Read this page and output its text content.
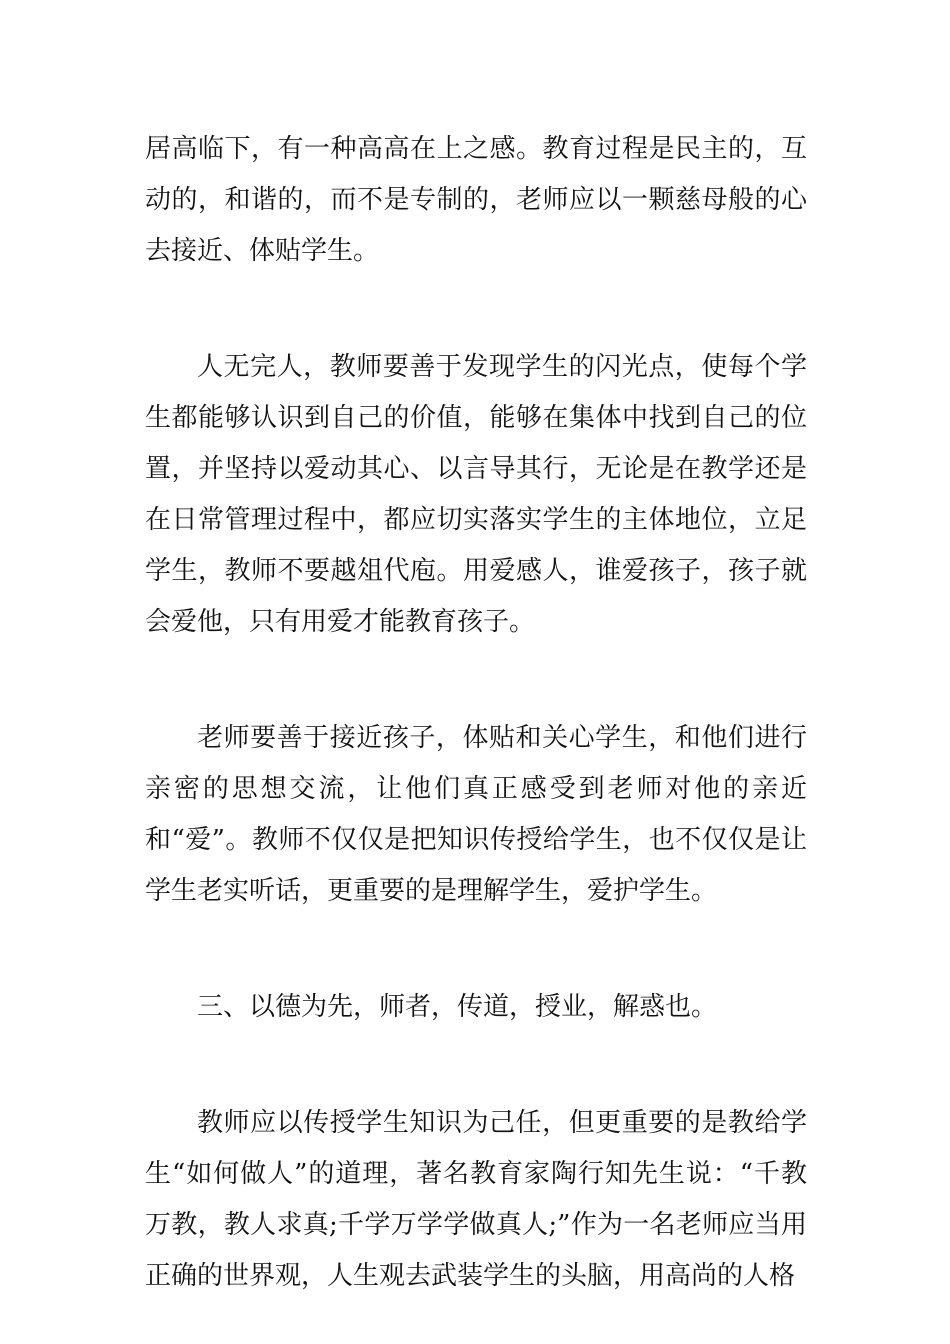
居高临下，有一种高高在上之感。教育过程是民主的，互动的，和谐的，而不是专制的，老师应以一颗慈母般的心去接近、体贴学生。

人无完人，教师要善于发现学生的闪光点，使每个学生都能够认识到自己的价值，能够在集体中找到自己的位置，并坚持以爱动其心、以言导其行，无论是在教学还是在日常管理过程中，都应切实落实学生的主体地位，立足学生，教师不要越俎代庖。用爱感人，谁爱孩子，孩子就会爱他，只有用爱才能教育孩子。

老师要善于接近孩子，体贴和关心学生，和他们进行亲密的思想交流，让他们真正感受到老师对他的亲近和“爱”。教师不仅仅是把知识传授给学生，也不仅仅是让学生老实听话，更重要的是理解学生，爱护学生。

三、以德为先，师者，传道，授业，解惑也。

教师应以传授学生知识为己任，但更重要的是教给学生“如何做人”的道理，著名教育家陶行知先生说：“千教万教，教人求真;千学万学学做真人;”作为一名老师应当用正确的世界观，人生观去武装学生的头脑，用高尚的人格
